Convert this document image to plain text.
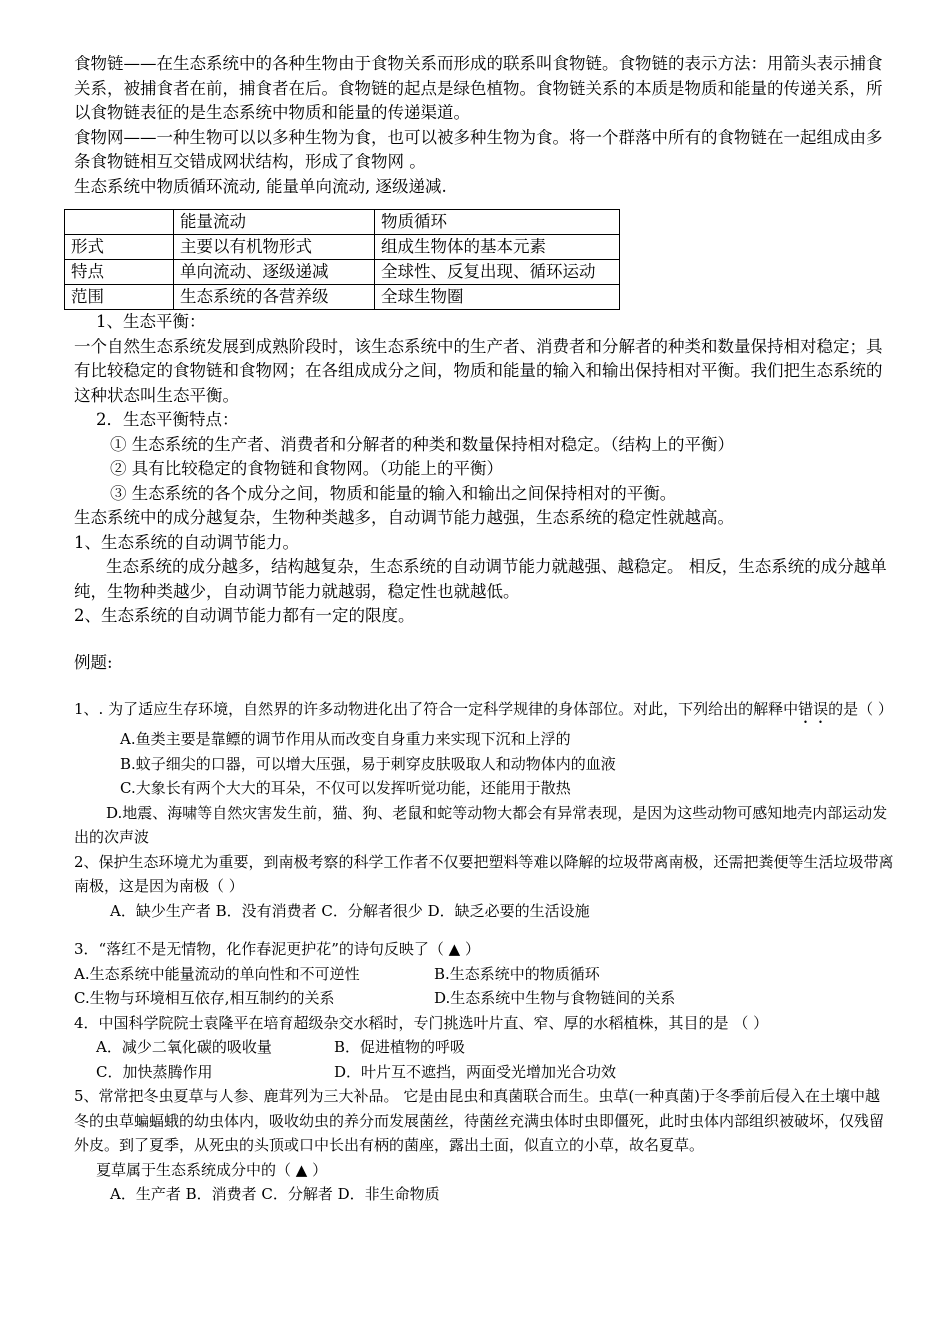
食物链——在生态系统中的各种生物由于食物关系而形成的联系叫食物链。食物链的表示方法：用箭头表示捕食

关系，被捕食者在前，捕食者在后。食物链的起点是绿色植物。食物链关系的本质是物质和能量的传递关系，所以食物链表征的是生态系统中物质和能量的传递渠道。

食物网——一种生物可以以多种生物为食，也可以被多种生物为食。将一个群落中所有的食物链在一起组成由多条食物链相互交错成网状结构，形成了食物网 。

生态系统中物质循环流动, 能量单向流动, 逐级递减.

	能量流动	物质循环
形式	主要以有机物形式	组成生物体的基本元素
特点	单向流动、逐级递减	全球性、反复出现、循环运动
范围	生态系统的各营养级	全球生物圈

1、生态平衡：

一个自然生态系统发展到成熟阶段时，该生态系统中的生产者、消费者和分解者的种类和数量保持相对稳定；具有比较稳定的食物链和食物网；在各组成成分之间，物质和能量的输入和输出保持相对平衡。我们把生态系统的这种状态叫生态平衡。

2．生态平衡特点：

① 生态系统的生产者、消费者和分解者的种类和数量保持相对稳定。（结构上的平衡）

② 具有比较稳定的食物链和食物网。（功能上的平衡）

③ 生态系统的各个成分之间，物质和能量的输入和输出之间保持相对的平衡。

生态系统中的成分越复杂，生物种类越多，自动调节能力越强，生态系统的稳定性就越高。

1、生态系统的自动调节能力。

生态系统的成分越多，结构越复杂，生态系统的自动调节能力就越强、越稳定。 相反，生态系统的成分越单纯，生物种类越少，自动调节能力就越弱，稳定性也就越低。

2、生态系统的自动调节能力都有一定的限度。

例题:

1、. 为了适应生存环境，自然界的许多动物进化出了符合一定科学规律的身体部位。对此，下列给出的解释中错误的是（ ）

A.鱼类主要是靠鳔的调节作用从而改变自身重力来实现下沉和上浮的

B.蚊子细尖的口器，可以增大压强，易于刺穿皮肤吸取人和动物体内的血液

C.大象长有两个大大的耳朵，不仅可以发挥听觉功能，还能用于散热

D.地震、海啸等自然灾害发生前，猫、狗、老鼠和蛇等动物大都会有异常表现，是因为这些动物可感知地壳内部运动发出的次声波

2、保护生态环境尤为重要，到南极考察的科学工作者不仅要把塑料等难以降解的垃圾带离南极，还需把粪便等生活垃圾带离南极，这是因为南极（ ）

A．缺少生产者 B．没有消费者 C．分解者很少 D．缺乏必要的生活设施

3．“落红不是无情物，化作春泥更护花”的诗句反映了（ ▲ ）

A.生态系统中能量流动的单向性和不可逆性	B.生态系统中的物质循环

C.生物与环境相互依存,相互制约的关系	D.生态系统中生物与食物链间的关系

4．中国科学院院士袁隆平在培育超级杂交水稻时，专门挑选叶片直、窄、厚的水稻植株，其目的是 （ ）

A．减少二氧化碳的吸收量	B．促进植物的呼吸

C．加快蒸腾作用	D．叶片互不遮挡，两面受光增加光合功效

5、常常把冬虫夏草与人参、鹿茸列为三大补品。 它是由昆虫和真菌联合而生。虫草(一种真菌)于冬季前后侵入在土壤中越冬的虫草蝙蝠蛾的幼虫体内，吸收幼虫的养分而发展菌丝，待菌丝充满虫体时虫即僵死，此时虫体内部组织被破坏，仅残留外皮。到了夏季，从死虫的头顶或口中长出有柄的菌座，露出土面，似直立的小草，故名夏草。

夏草属于生态系统成分中的（ ▲ ）

A．生产者 B．消费者 C．分解者 D．非生命物质
